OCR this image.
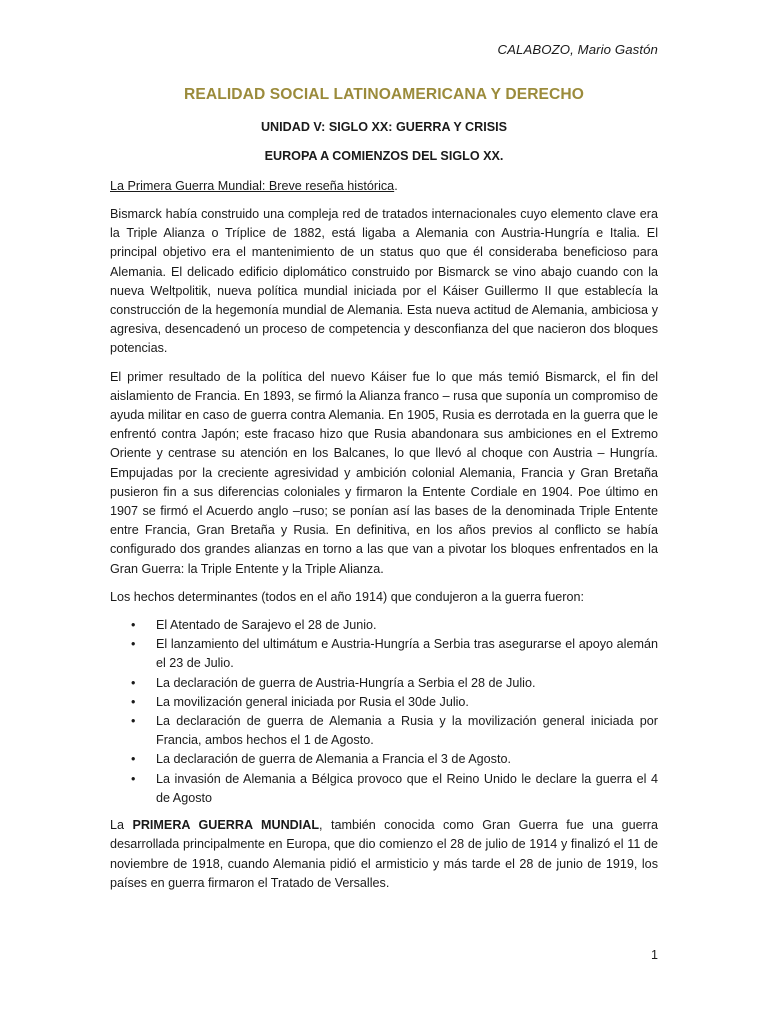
CALABOZO, Mario Gastón
REALIDAD SOCIAL LATINOAMERICANA Y DERECHO
UNIDAD V: SIGLO XX: GUERRA Y CRISIS
EUROPA A COMIENZOS DEL SIGLO XX.
La Primera Guerra Mundial: Breve reseña histórica.

Bismarck había construido una compleja red de tratados internacionales cuyo elemento clave era la Triple Alianza o Tríplice de 1882, está ligaba a Alemania con Austria-Hungría e Italia. El principal objetivo era el mantenimiento de un status quo que él consideraba beneficioso para Alemania. El delicado edificio diplomático construido por Bismarck se vino abajo cuando con la nueva Weltpolitik, nueva política mundial iniciada por el Káiser Guillermo II que establecía la construcción de la hegemonía mundial de Alemania. Esta nueva actitud de Alemania, ambiciosa y agresiva, desencadenó un proceso de competencia y desconfianza del que nacieron dos bloques potencias.

El primer resultado de la política del nuevo Káiser fue lo que más temió Bismarck, el fin del aislamiento de Francia. En 1893, se firmó la Alianza franco – rusa que suponía un compromiso de ayuda militar en caso de guerra contra Alemania. En 1905, Rusia es derrotada en la guerra que le enfrentó contra Japón; este fracaso hizo que Rusia abandonara sus ambiciones en el Extremo Oriente y centrase su atención en los Balcanes, lo que llevó al choque con Austria – Hungría. Empujadas por la creciente agresividad y ambición colonial Alemania, Francia y Gran Bretaña pusieron fin a sus diferencias coloniales y firmaron la Entente Cordiale en 1904. Poe último en 1907 se firmó el Acuerdo anglo –ruso; se ponían así las bases de la denominada Triple Entente entre Francia, Gran Bretaña y Rusia. En definitiva, en los años previos al conflicto se había configurado dos grandes alianzas en torno a las que van a pivotar los bloques enfrentados en la Gran Guerra: la Triple Entente y la Triple Alianza.

Los hechos determinantes (todos en el año 1914) que condujeron a la guerra fueron:

• El Atentado de Sarajevo el 28 de Junio.
• El lanzamiento del ultimátum e Austria-Hungría a Serbia tras asegurarse el apoyo alemán el 23 de Julio.
• La declaración de guerra de Austria-Hungría a Serbia el 28 de Julio.
• La movilización general iniciada por Rusia el 30de Julio.
• La declaración de guerra de Alemania a Rusia y la movilización general iniciada por Francia, ambos hechos el 1 de Agosto.
• La declaración de guerra de Alemania a Francia el 3 de Agosto.
• La invasión de Alemania a Bélgica provoco que el Reino Unido le declare la guerra el 4 de Agosto

La PRIMERA GUERRA MUNDIAL, también conocida como Gran Guerra fue una guerra desarrollada principalmente en Europa, que dio comienzo el 28 de julio de 1914 y finalizó el 11 de noviembre de 1918, cuando Alemania pidió el armisticio y más tarde el 28 de junio de 1919, los países en guerra firmaron el Tratado de Versalles.

1
